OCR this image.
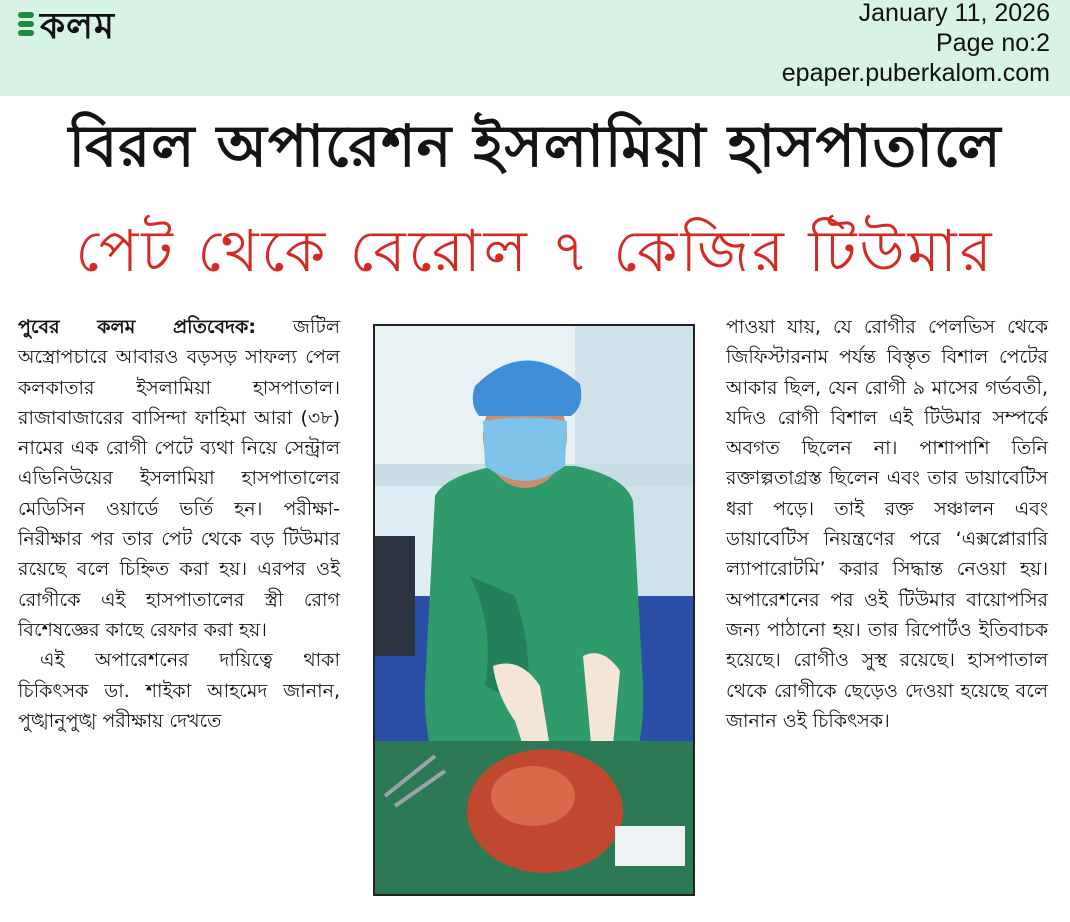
কলম	January 11, 2026
Page no:2
epaper.puberkalom.com
বিরল অপারেশন ইসলামিয়া হাসপাতালে
পেট থেকে বেরোল ৭ কেজির টিউমার

পুবের কলম প্রতিবেদক: জটিল অস্ত্রোপচারে আবারও বড়সড় সাফল্য পেল কলকাতার ইসলামিয়া হাসপাতাল। রাজাবাজারের বাসিন্দা ফাহিমা আরা (৩৮) নামের এক রোগী পেটে ব্যথা নিয়ে সেন্ট্রাল এভিনিউয়ের ইসলামিয়া হাসপাতালের মেডিসিন ওয়ার্ডে ভর্তি হন। পরীক্ষা-নিরীক্ষার পর তার পেট থেকে বড় টিউমার রয়েছে বলে চিহ্নিত করা হয়। এরপর ওই রোগীকে এই হাসপাতালের স্ত্রী রোগ বিশেষজ্ঞের কাছে রেফার করা হয়।

এই অপারেশনের দায়িত্বে থাকা চিকিৎসক ডা. শাইকা আহমেদ জানান, পুঙ্খানুপুঙ্খ পরীক্ষায় দেখতে

পাওয়া যায়, যে রোগীর পেলভিস থেকে জিফিস্টারনাম পর্যন্ত বিস্তৃত বিশাল পেটের আকার ছিল, যেন রোগী ৯ মাসের গর্ভবতী, যদিও রোগী বিশাল এই টিউমার সম্পর্কে অবগত ছিলেন না। পাশাপাশি তিনি রক্তাল্পতাগ্রস্ত ছিলেন এবং তার ডায়াবেটিস ধরা পড়ে। তাই রক্ত সঞ্চালন এবং ডায়াবেটিস নিয়ন্ত্রণের পরে ‘এক্সপ্লোরারি ল্যাপারোটমি’ করার সিদ্ধান্ত নেওয়া হয়। অপারেশনের পর ওই টিউমার বায়োপসির জন্য পাঠানো হয়। তার রিপোর্টও ইতিবাচক হয়েছে। রোগীও সুস্থ রয়েছে। হাসপাতাল থেকে রোগীকে ছেড়েও দেওয়া হয়েছে বলে জানান ওই চিকিৎসক।
